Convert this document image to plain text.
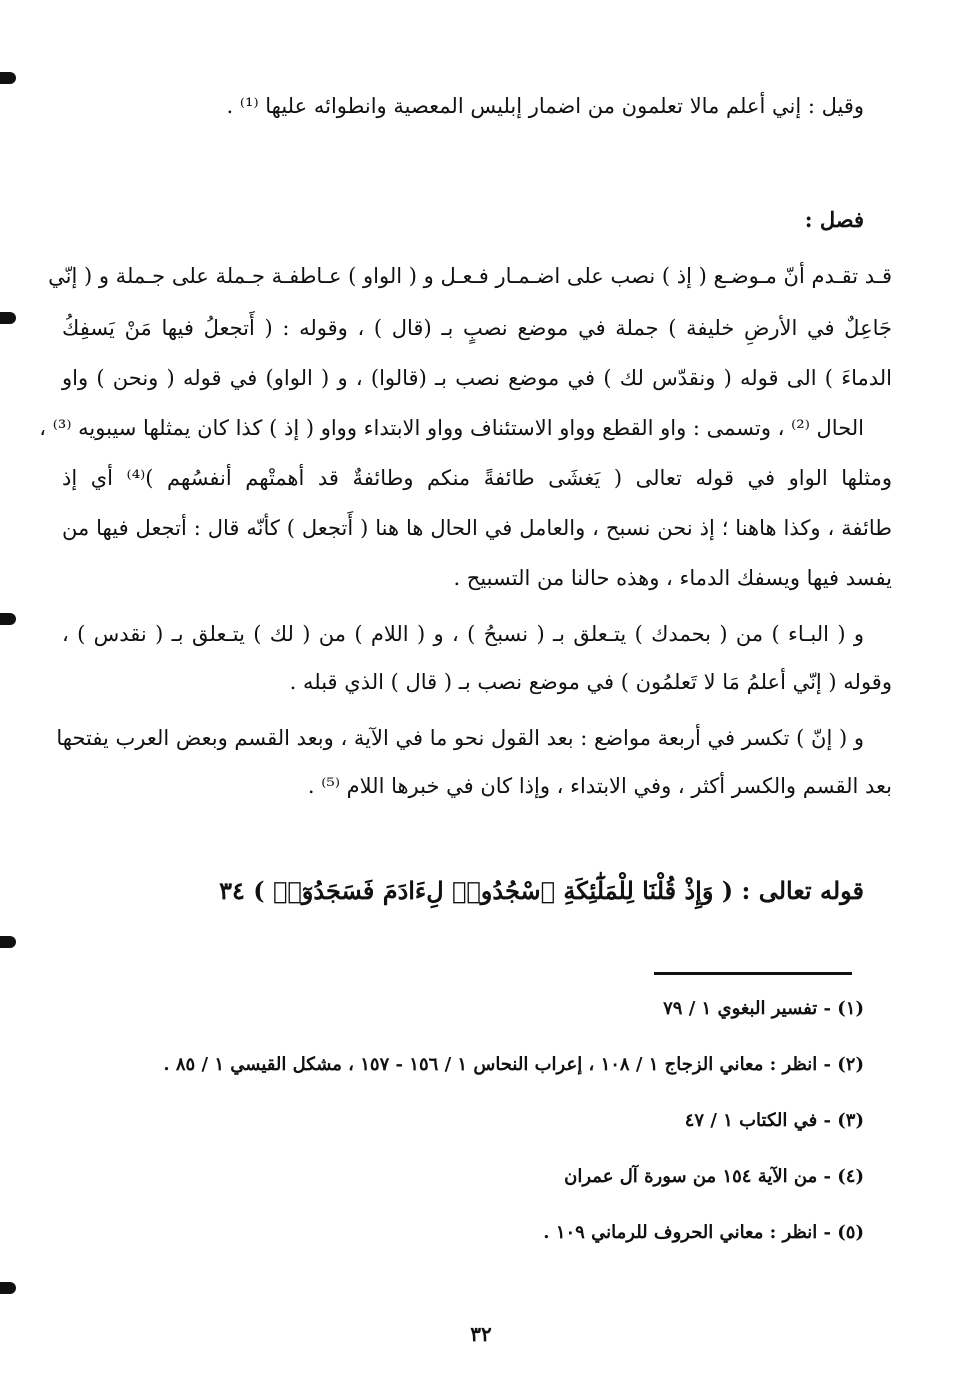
وقيل : إني أعلم مالا تعلمون من اضمار إبليس المعصية وانطوائه عليها ⁽¹⁾ .
فصل :
قـد تقـدم أنّ مـوضـع ( إذ ) نصب على اضـمـار فـعـل و ( الواو ) عـاطفـة جـملة على جـملة و ( إنّي
جَاعِلٌ في الأرضِ خليفة ) جملة في موضع نصبٍ بـ (قال ) ، وقوله : ( أَتجعلُ فيها مَنْ يَسفِكُ
الدماءَ ) الى قوله ( ونقدّس لك ) في موضع نصب بـ (قالوا) ، و ( الواو) في قوله ( ونحن ) واو
الحال ⁽²⁾ ، وتسمى : واو القطع وواو الاستئناف وواو الابتداء وواو ( إذ ) كذا كان يمثلها سيبويه ⁽³⁾ ،
ومثلها الواو في قوله تعالى ( يَغشَى طائفةً منكم وطائفةٌ قد أهمتْهم أنفسُهم )⁽⁴⁾ أي إذ
طائفة ، وكذا هاهنا ؛ إذ نحن نسبح ، والعامل في الحال ها هنا ( أَتجعل ) كأنّه قال : أتجعل فيها من
يفسد فيها ويسفك الدماء ، وهذه حالنا من التسبيح .
و ( البـاء ) من ( بحمدك ) يتـعلق بـ ( نسبحُ ) ، و ( اللام ) من ( لك ) يتـعلق بـ ( نقدس ) ،
وقوله ( إنّي أعلمُ مَا لا تَعلمُون ) في موضع نصب بـ ( قال ) الذي قبله .
و ( إنّ ) تكسر في أربعة مواضع : بعد القول نحو ما في الآية ، وبعد القسم وبعض العرب يفتحها
بعد القسم والكسر أكثر ، وفي الابتداء ، وإذا كان في خبرها اللام ⁽⁵⁾ .
قوله تعالى : ( وَإِذْ قُلْنَا لِلْمَلَٰٓئِكَةِ ٱسْجُدُوا۟ لِءَادَمَ فَسَجَدُوٓا۟ ) ٣٤
(١) - تفسير البغوي ١ / ٧٩
(٢) - انظر : معاني الزجاج ١ / ١٠٨ ، إعراب النحاس ١ / ١٥٦ - ١٥٧ ، مشكل القيسي ١ / ٨٥ .
(٣) - في الكتاب ١ / ٤٧
(٤) - من الآية ١٥٤ من سورة آل عمران
(٥) - انظر : معاني الحروف للرماني ١٠٩ .
٣٢
